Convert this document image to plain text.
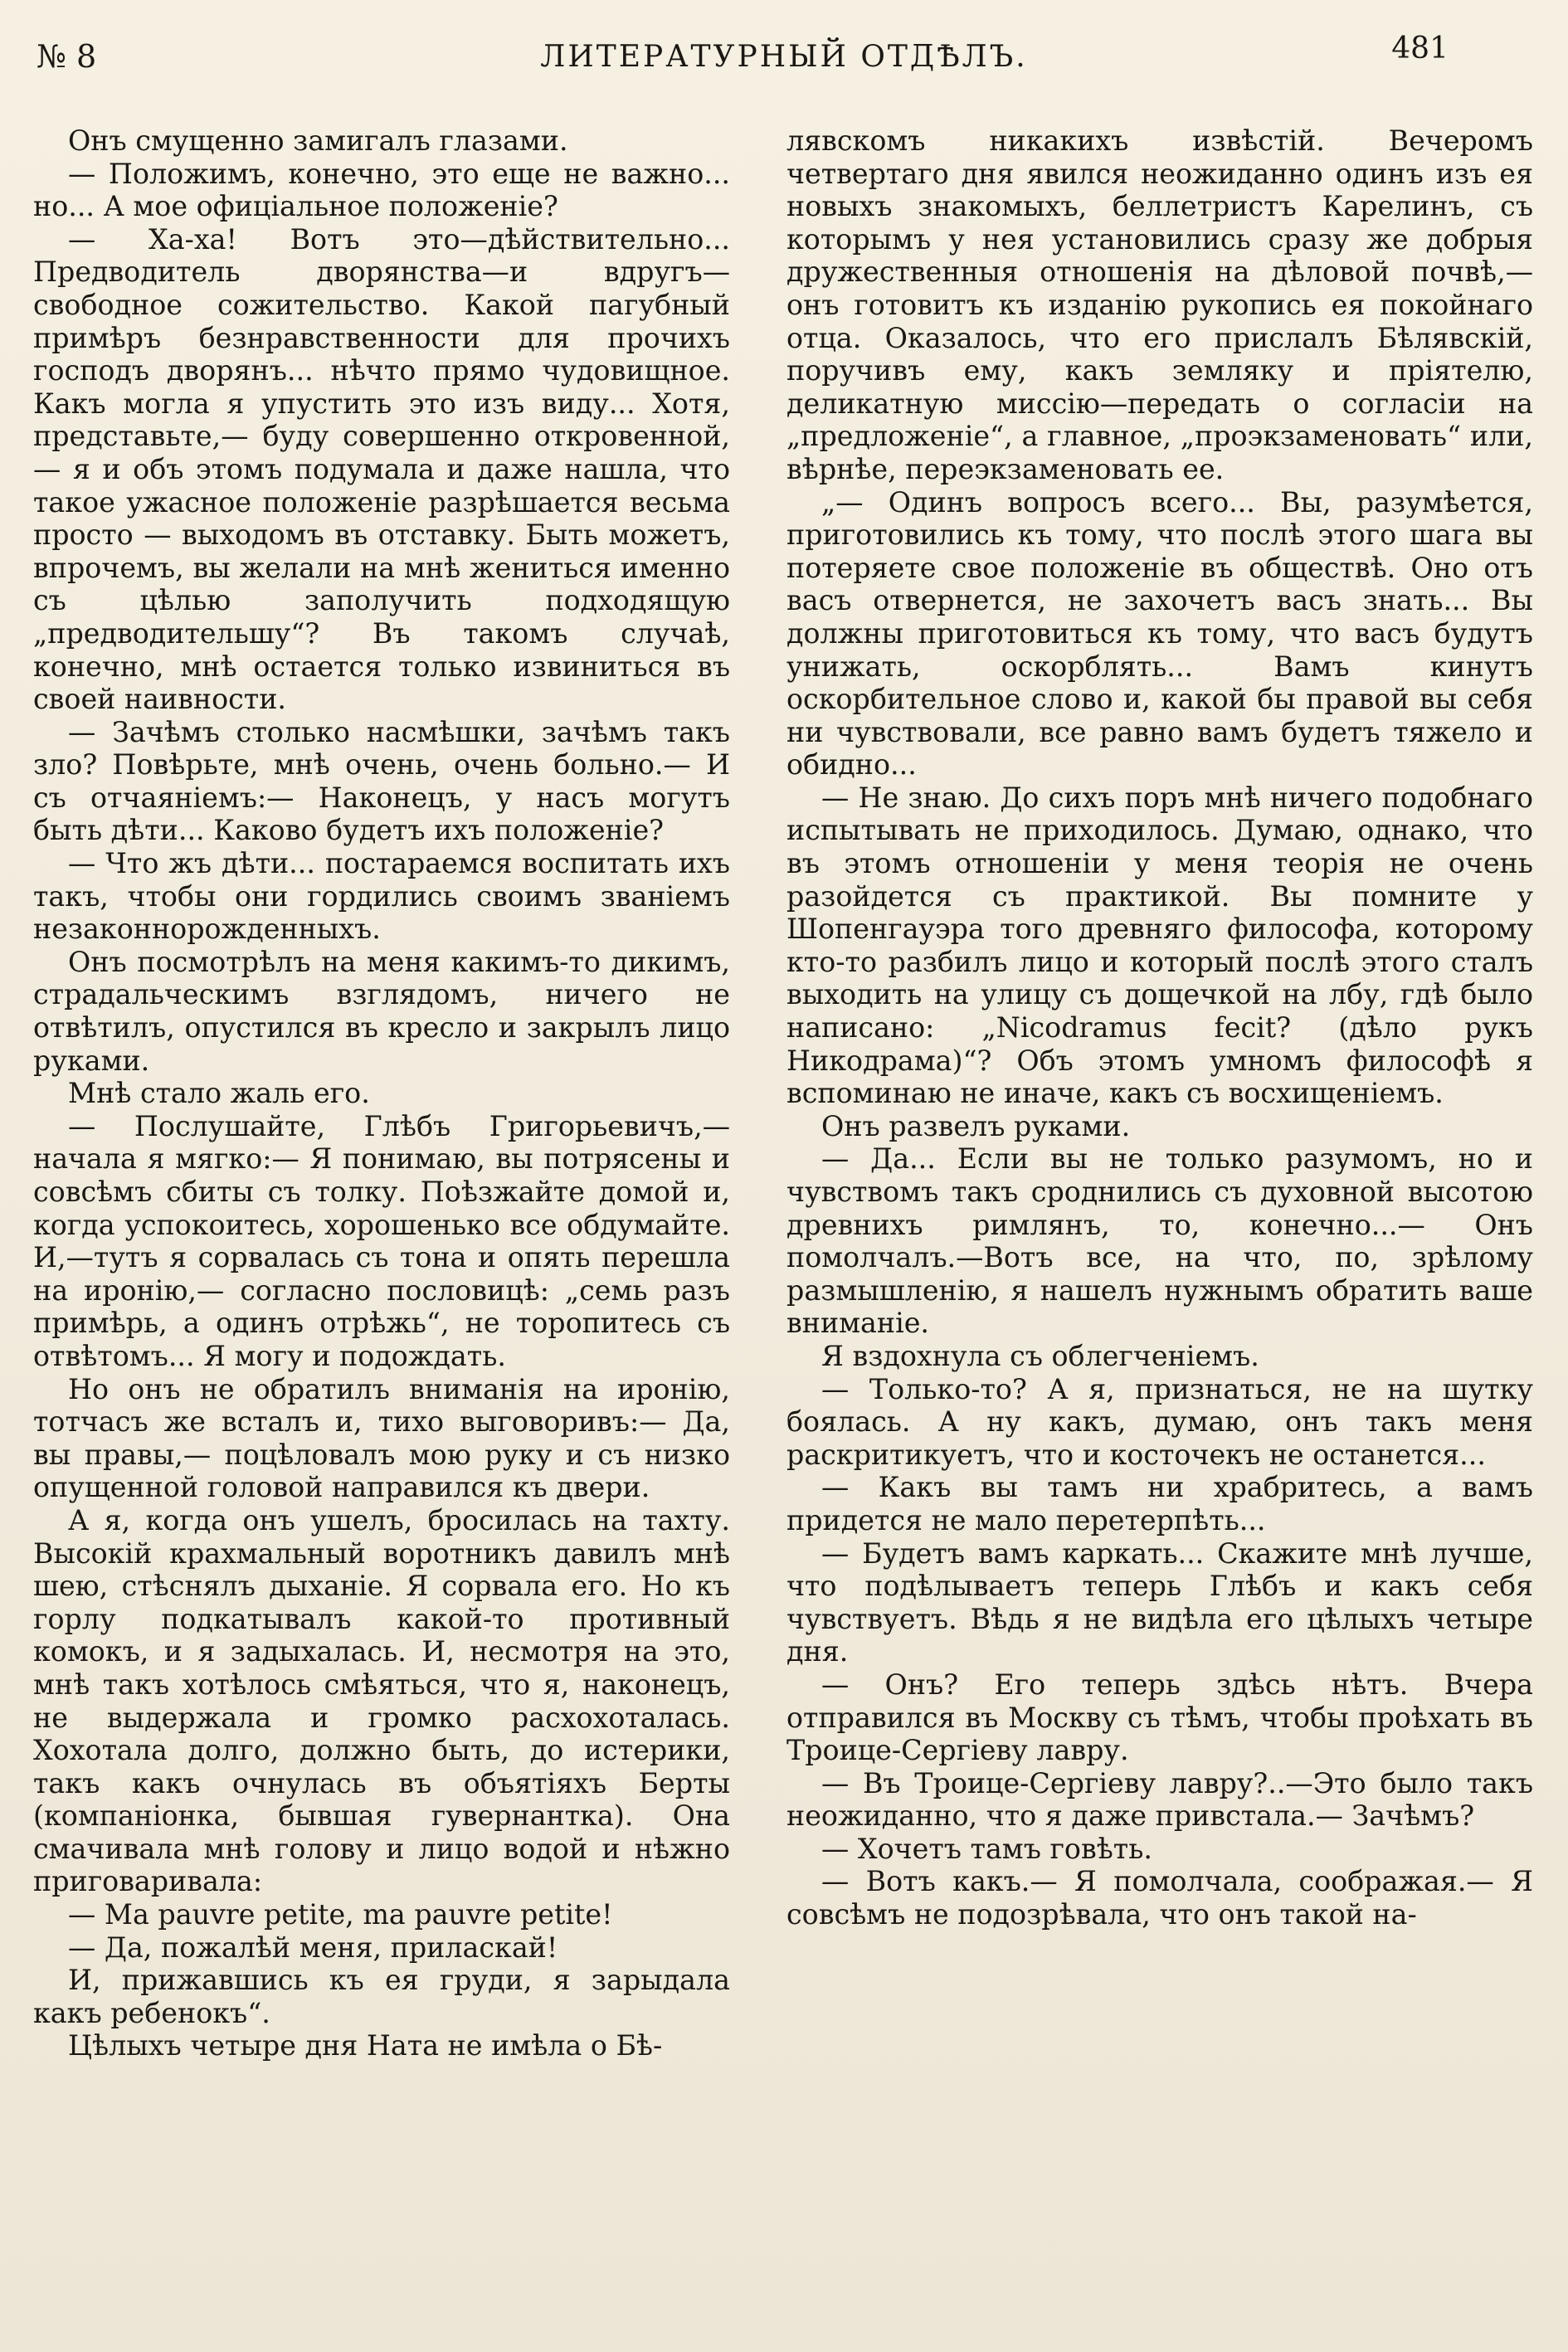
№ 8	ЛИТЕРАТУРНЫЙ ОТДѢЛЪ.	481

Онъ смущенно замигалъ глазами.

— Положимъ, конечно, это еще не важно... но... А мое офиціальное положеніе?

— Ха-ха! Вотъ это—дѣйствительно... Предводитель дворянства—и вдругъ—свободное сожительство. Какой пагубный примѣръ безнравственности для прочихъ господъ дворянъ... нѣчто прямо чудовищное. Какъ могла я упустить это изъ виду... Хотя, представьте,— буду совершенно откровенной,— я и объ этомъ подумала и даже нашла, что такое ужасное положеніе разрѣшается весьма просто — выходомъ въ отставку. Быть можетъ, впрочемъ, вы желали на мнѣ жениться именно съ цѣлью заполучить подходящую „предводительшу“? Въ такомъ случаѣ, конечно, мнѣ остается только извиниться въ своей наивности.

— Зачѣмъ столько насмѣшки, зачѣмъ такъ зло? Повѣрьте, мнѣ очень, очень больно.— И съ отчаяніемъ:— Наконецъ, у насъ могутъ быть дѣти... Каково будетъ ихъ положеніе?

— Что жъ дѣти... постараемся воспитать ихъ такъ, чтобы они гордились своимъ званіемъ незаконнорожденныхъ.

Онъ посмотрѣлъ на меня какимъ-то дикимъ, страдальческимъ взглядомъ, ничего не отвѣтилъ, опустился въ кресло и закрылъ лицо руками.

Мнѣ стало жаль его.

— Послушайте, Глѣбъ Григорьевичъ,— начала я мягко:— Я понимаю, вы потрясены и совсѣмъ сбиты съ толку. Поѣзжайте домой и, когда успокоитесь, хорошенько все обдумайте. И,—тутъ я сорвалась съ тона и опять перешла на иронію,— согласно пословицѣ: „семь разъ примѣрь, а одинъ отрѣжь“, не торопитесь съ отвѣтомъ... Я могу и подождать.

Но онъ не обратилъ вниманія на иронію, тотчасъ же всталъ и, тихо выговоривъ:— Да, вы правы,— поцѣловалъ мою руку и съ низко опущенной головой направился къ двери.

А я, когда онъ ушелъ, бросилась на тахту. Высокій крахмальный воротникъ давилъ мнѣ шею, стѣснялъ дыханіе. Я сорвала его. Но къ горлу подкатывалъ какой-то противный комокъ, и я задыхалась. И, несмотря на это, мнѣ такъ хотѣлось смѣяться, что я, наконецъ, не выдержала и громко расхохоталась. Хохотала долго, должно быть, до истерики, такъ какъ очнулась въ объятіяхъ Берты (компаніонка, бывшая гувернантка). Она смачивала мнѣ голову и лицо водой и нѣжно приговаривала:

— Ma pauvre petite, ma pauvre petite!

— Да, пожалѣй меня, приласкай!

И, прижавшись къ ея груди, я зарыдала какъ ребенокъ“.

Цѣлыхъ четыре дня Ната не имѣла о Бѣ-

лявскомъ никакихъ извѣстій. Вечеромъ четвертаго дня явился неожиданно одинъ изъ ея новыхъ знакомыхъ, беллетристъ Карелинъ, съ которымъ у нея установились сразу же добрыя дружественныя отношенія на дѣловой почвѣ,— онъ готовитъ къ изданію рукопись ея покойнаго отца. Оказалось, что его прислалъ Бѣлявскій, поручивъ ему, какъ земляку и пріятелю, деликатную миссію—передать о согласіи на „предложеніе“, а главное, „проэкзаменовать“ или, вѣрнѣе, переэкзаменовать ее.

„— Одинъ вопросъ всего... Вы, разумѣется, приготовились къ тому, что послѣ этого шага вы потеряете свое положеніе въ обществѣ. Оно отъ васъ отвернется, не захочетъ васъ знать... Вы должны приготовиться къ тому, что васъ будутъ унижать, оскорблять... Вамъ кинутъ оскорбительное слово и, какой бы правой вы себя ни чувствовали, все равно вамъ будетъ тяжело и обидно...

— Не знаю. До сихъ поръ мнѣ ничего подобнаго испытывать не приходилось. Думаю, однако, что въ этомъ отношеніи у меня теорія не очень разойдется съ практикой. Вы помните у Шопенгауэра того древняго философа, которому кто-то разбилъ лицо и который послѣ этого сталъ выходить на улицу съ дощечкой на лбу, гдѣ было написано: „Nicodramus fecit? (дѣло рукъ Никодрама)“? Объ этомъ умномъ философѣ я вспоминаю не иначе, какъ съ восхищеніемъ.

Онъ развелъ руками.

— Да... Если вы не только разумомъ, но и чувствомъ такъ сроднились съ духовной высотою древнихъ римлянъ, то, конечно...— Онъ помолчалъ.—Вотъ все, на что, по, зрѣлому размышленію, я нашелъ нужнымъ обратить ваше вниманіе.

Я вздохнула съ облегченіемъ.

— Только-то? А я, признаться, не на шутку боялась. А ну какъ, думаю, онъ такъ меня раскритикуетъ, что и косточекъ не останется...

— Какъ вы тамъ ни храбритесь, а вамъ придется не мало перетерпѣть...

— Будетъ вамъ каркать... Скажите мнѣ лучше, что подѣлываетъ теперь Глѣбъ и какъ себя чувствуетъ. Вѣдь я не видѣла его цѣлыхъ четыре дня.

— Онъ? Его теперь здѣсь нѣтъ. Вчера отправился въ Москву съ тѣмъ, чтобы проѣхать въ Троице-Сергіеву лавру.

— Въ Троице-Сергіеву лавру?..—Это было такъ неожиданно, что я даже привстала.— Зачѣмъ?

— Хочетъ тамъ говѣть.

— Вотъ какъ.— Я помолчала, соображая.— Я совсѣмъ не подозрѣвала, что онъ такой на-
